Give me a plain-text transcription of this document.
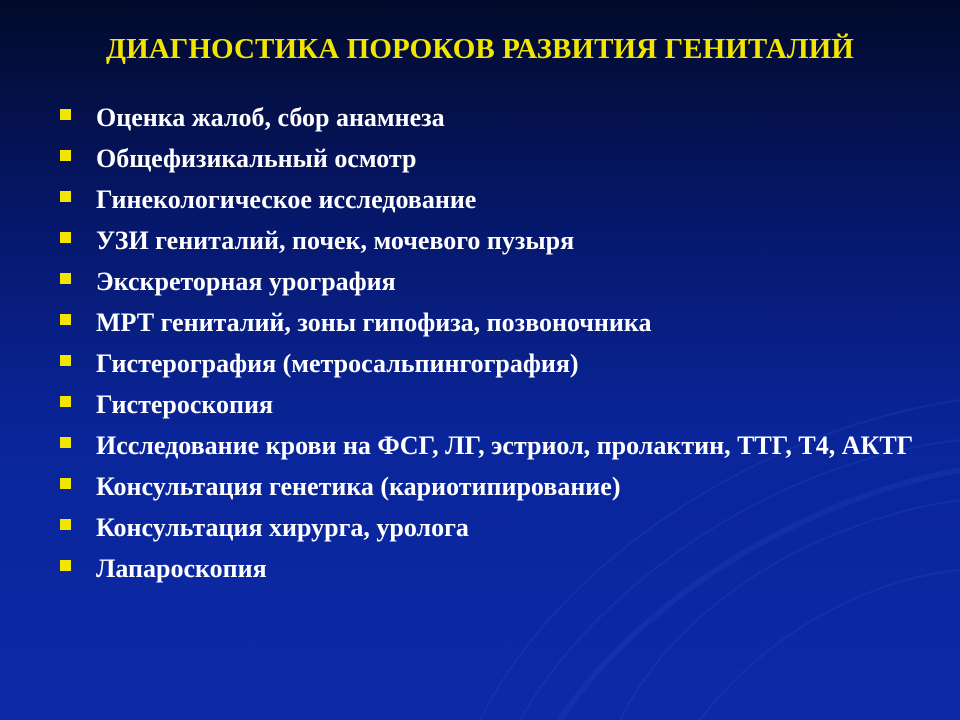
ДИАГНОСТИКА ПОРОКОВ РАЗВИТИЯ ГЕНИТАЛИЙ
Оценка жалоб, сбор анамнеза
Общефизикальный осмотр
Гинекологическое исследование
УЗИ гениталий, почек, мочевого пузыря
Экскреторная урография
МРТ гениталий, зоны гипофиза, позвоночника
Гистерография (метросальпингография)
Гистероскопия
Исследование крови на ФСГ, ЛГ, эстриол, пролактин, ТТГ, Т4, АКТГ
Консультация генетика (кариотипирование)
Консультация хирурга, уролога
Лапароскопия
